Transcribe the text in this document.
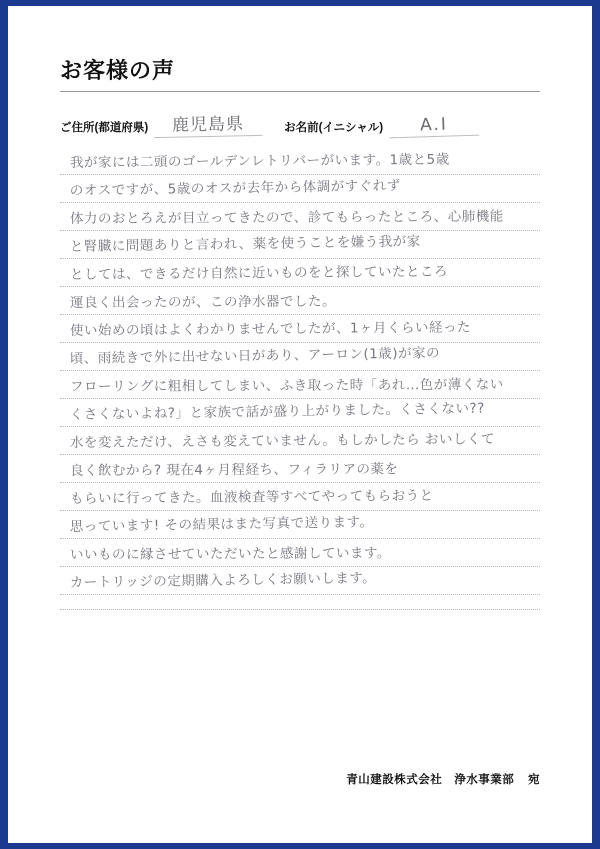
お客様の声
ご住所(都道府県)	鹿児島県	お名前(イニシャル)	A.I
我が家には二頭のゴールデンレトリバーがいます。1歳と5歳
のオスですが、5歳のオスが去年から体調がすぐれず
体力のおとろえが目立ってきたので、診てもらったところ、心肺機能
と腎臓に問題ありと言われ、薬を使うことを嫌う我が家
としては、できるだけ自然に近いものをと探していたところ
運良く出会ったのが、この浄水器でした。
使い始めの頃はよくわかりませんでしたが、1ヶ月くらい経った
頃、雨続きで外に出せない日があり、アーロン(1歳)が家の
フローリングに粗相してしまい、ふき取った時「あれ…色が薄くない
くさくないよね?」と家族で話が盛り上がりました。くさくない??
水を変えただけ、えさも変えていません。もしかしたら おいしくて
良く飲むから? 現在4ヶ月程経ち、フィラリアの薬を
もらいに行ってきた。血液検査等すべてやってもらおうと
思っています! その結果はまた写真で送ります。
いいものに縁させていただいたと感謝しています。
カートリッジの定期購入よろしくお願いします。
青山建設株式会社　浄水事業部 宛
